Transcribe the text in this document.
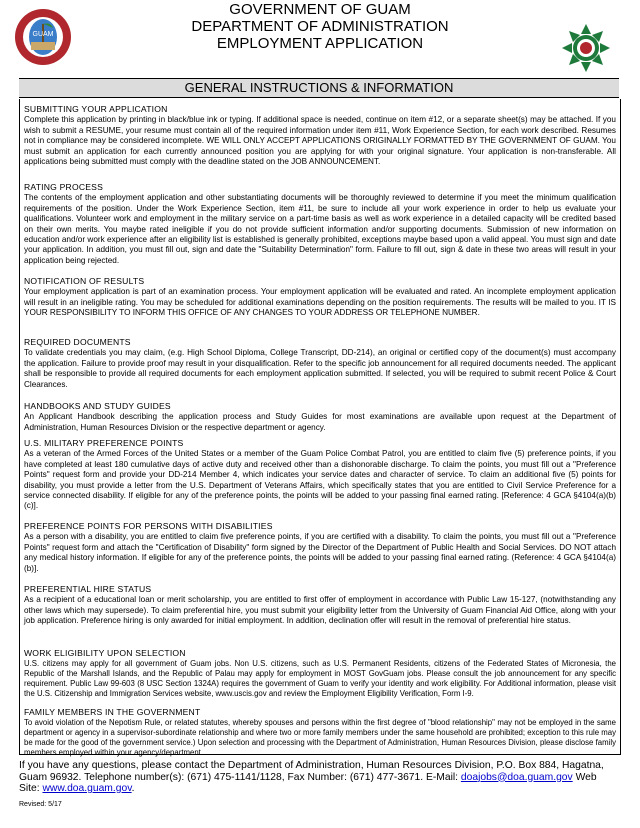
GUAM
GOVERNMENT OF GUAM
DEPARTMENT OF ADMINISTRATION
EMPLOYMENT APPLICATION
GENERAL INSTRUCTIONS & INFORMATION
SUBMITTING YOUR APPLICATION
Complete this application by printing in black/blue ink or typing. If additional space is needed, continue on item #12, or a separate sheet(s) may be attached. If you wish to submit a RESUME, your resume must contain all of the required information under item #11, Work Experience Section, for each work described. Resumes not in compliance may be considered incomplete. WE WILL ONLY ACCEPT APPLICATIONS ORIGINALLY FORMATTED BY THE GOVERNMENT OF GUAM. You must submit an application for each currently announced position you are applying for with your original signature. Your application is non-transferable. All applications being submitted must comply with the deadline stated on the JOB ANNOUNCEMENT.
RATING PROCESS
The contents of the employment application and other substantiating documents will be thoroughly reviewed to determine if you meet the minimum qualification requirements of the position. Under the Work Experience Section, item #11, be sure to include all your work experience in order to help us evaluate your qualifications. Volunteer work and employment in the military service on a part-time basis as well as work experience in a detailed capacity will be credited based on their own merits. You maybe rated ineligible if you do not provide sufficient information and/or supporting documents. Submission of new information on education and/or work experience after an eligibility list is established is generally prohibited, exceptions maybe based upon a valid appeal. You must sign and date your application. In addition, you must fill out, sign and date the "Suitability Determination" form. Failure to fill out, sign & date in these two areas will result in your application being rejected.
NOTIFICATION OF RESULTS
Your employment application is part of an examination process. Your employment application will be evaluated and rated. An incomplete employment application will result in an ineligible rating. You may be scheduled for additional examinations depending on the position requirements. The results will be mailed to you. IT IS YOUR RESPONSIBILITY TO INFORM THIS OFFICE OF ANY CHANGES TO YOUR ADDRESS OR TELEPHONE NUMBER.
REQUIRED DOCUMENTS
To validate credentials you may claim, (e.g. High School Diploma, College Transcript, DD-214), an original or certified copy of the document(s) must accompany the application. Failure to provide proof may result in your disqualification. Refer to the specific job announcement for all required documents needed. The applicant shall be responsible to provide all required documents for each employment application submitted. If selected, you will be required to submit recent Police & Court Clearances.
HANDBOOKS AND STUDY GUIDES
An Applicant Handbook describing the application process and Study Guides for most examinations are available upon request at the Department of Administration, Human Resources Division or the respective department or agency.
U.S. MILITARY PREFERENCE POINTS
As a veteran of the Armed Forces of the United States or a member of the Guam Police Combat Patrol, you are entitled to claim five (5) preference points, if you have completed at least 180 cumulative days of active duty and received other than a dishonorable discharge. To claim the points, you must fill out a "Preference Points" request form and provide your DD-214 Member 4, which indicates your service dates and character of service. To claim an additional five (5) points for disability, you must provide a letter from the U.S. Department of Veterans Affairs, which specifically states that you are entitled to Civil Service Preference for a service connected disability. If eligible for any of the preference points, the points will be added to your passing final earned rating. [Reference: 4 GCA §4104(a)(b)(c)].
PREFERENCE POINTS FOR PERSONS WITH DISABILITIES
As a person with a disability, you are entitled to claim five preference points, if you are certified with a disability. To claim the points, you must fill out a "Preference Points" request form and attach the "Certification of Disability" form signed by the Director of the Department of Public Health and Social Services. DO NOT attach any medical history information. If eligible for any of the preference points, the points will be added to your passing final earned rating. (Reference: 4 GCA §4104(a)(b)].
PREFERENTIAL HIRE STATUS
As a recipient of a educational loan or merit scholarship, you are entitled to first offer of employment in accordance with Public Law 15-127, (notwithstanding any other laws which may supersede). To claim preferential hire, you must submit your eligibility letter from the University of Guam Financial Aid Office, along with your job application. Preference hiring is only awarded for initial employment. In addition, declination offer will result in the removal of preferential hire status.
WORK ELIGIBILITY UPON SELECTION
U.S. citizens may apply for all government of Guam jobs. Non U.S. citizens, such as U.S. Permanent Residents, citizens of the Federated States of Micronesia, the Republic of the Marshall Islands, and the Republic of Palau may apply for employment in MOST GovGuam jobs. Please consult the job announcement for any specific requirement. Public Law 99-603 (8 USC Section 1324A) requires the government of Guam to verify your identity and work eligibility. For Additional information, please visit the U.S. Citizenship and Immigration Services website, www.uscis.gov and review the Employment Eligibility Verification, Form I-9.
FAMILY MEMBERS IN THE GOVERNMENT
To avoid violation of the Nepotism Rule, or related statutes, whereby spouses and persons within the first degree of "blood relationship" may not be employed in the same department or agency in a supervisor-subordinate relationship and where two or more family members under the same household are prohibited; exception to this rule may be made for the good of the government service.) Upon selection and processing with the Department of Administration, Human Resources Division, please disclose family members employed within your agency/department.
If you have any questions, please contact the Department of Administration, Human Resources Division, P.O. Box 884, Hagatna, Guam 96932. Telephone number(s): (671) 475-1141/1128, Fax Number: (671) 477-3671. E-Mail: doajobs@doa.guam.gov Web Site: www.doa.guam.gov.
Revised: 5/17
